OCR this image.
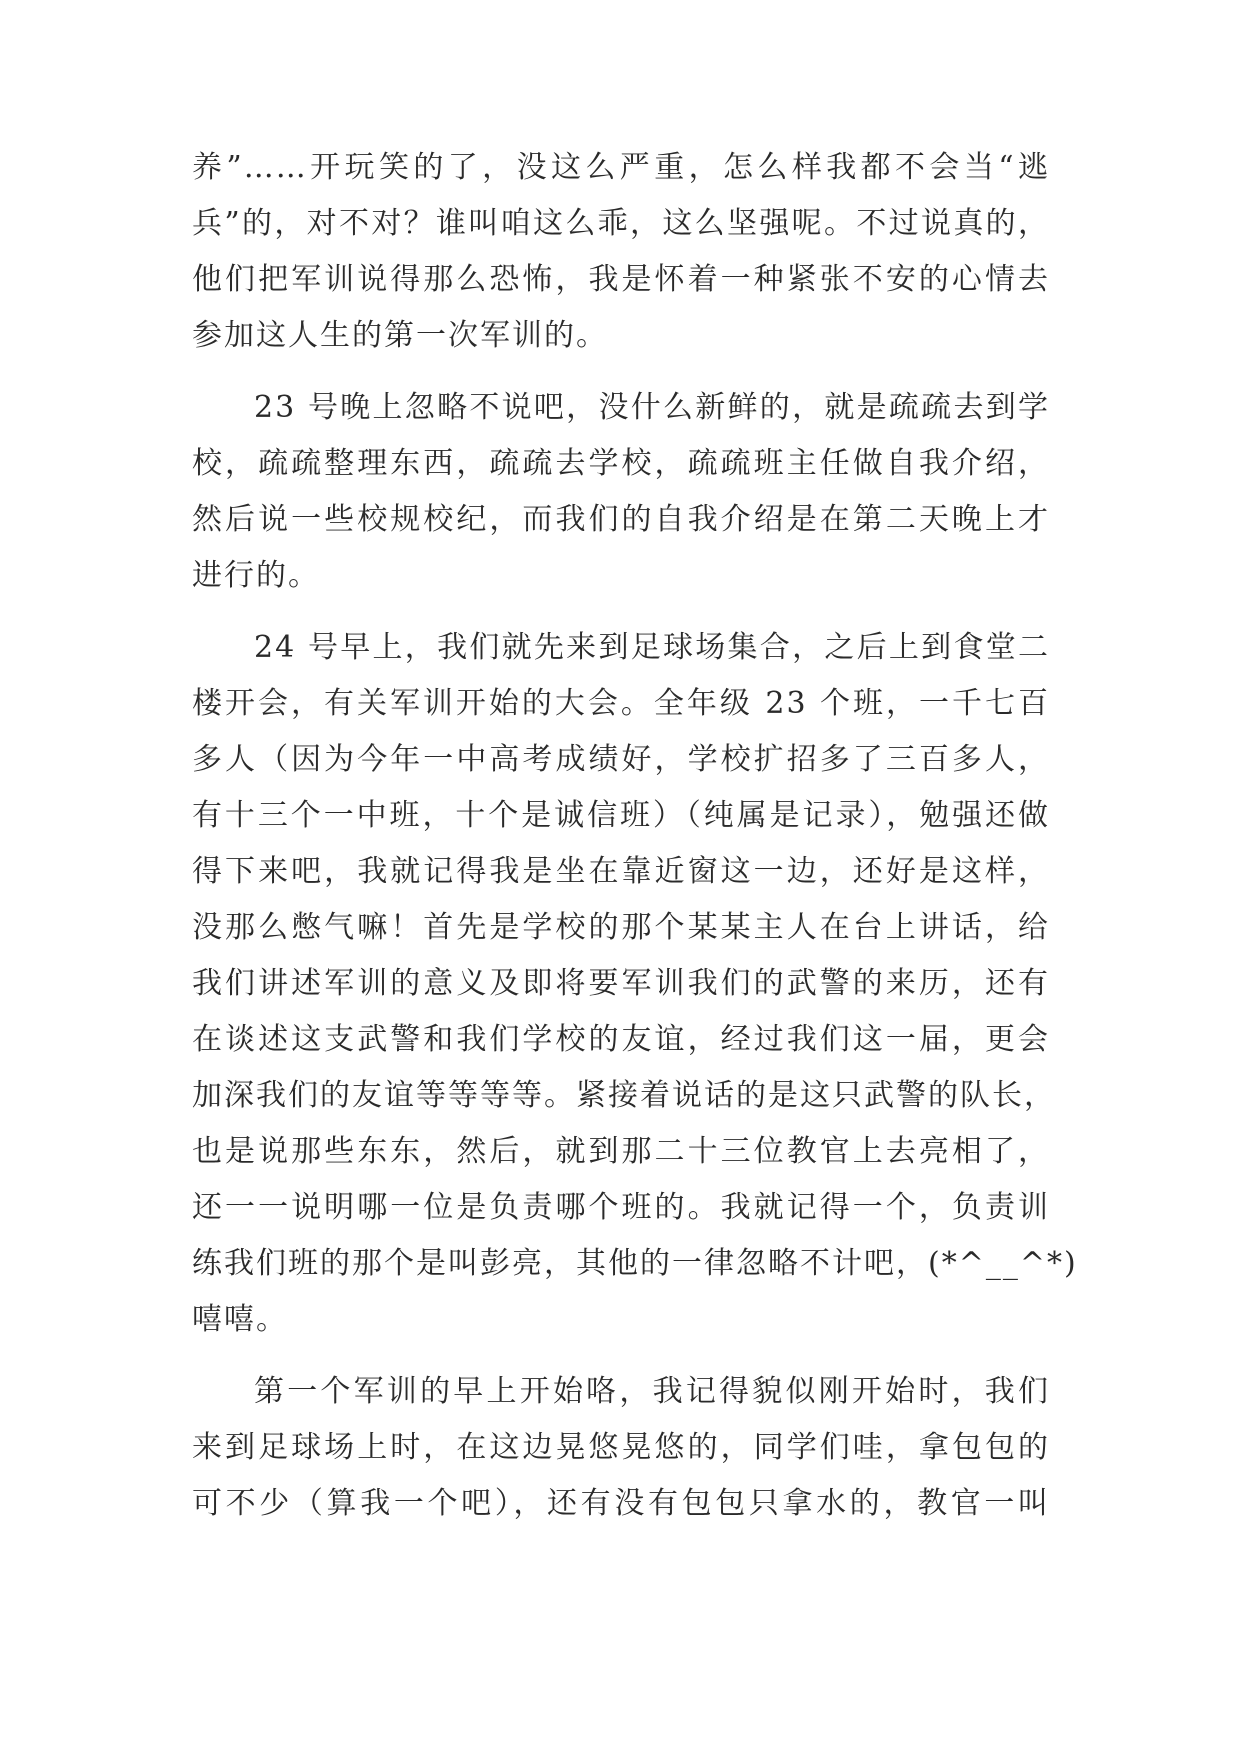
养”……开玩笑的了，没这么严重，怎么样我都不会当“逃
兵”的，对不对？谁叫咱这么乖，这么坚强呢。不过说真的，
他们把军训说得那么恐怖，我是怀着一种紧张不安的心情去
参加这人生的第一次军训的。
23 号晚上忽略不说吧，没什么新鲜的，就是疏疏去到学
校，疏疏整理东西，疏疏去学校，疏疏班主任做自我介绍，
然后说一些校规校纪，而我们的自我介绍是在第二天晚上才
进行的。
24 号早上，我们就先来到足球场集合，之后上到食堂二
楼开会，有关军训开始的大会。全年级 23 个班，一千七百
多人（因为今年一中高考成绩好，学校扩招多了三百多人，
有十三个一中班，十个是诚信班）（纯属是记录），勉强还做
得下来吧，我就记得我是坐在靠近窗这一边，还好是这样，
没那么憋气嘛！首先是学校的那个某某主人在台上讲话，给
我们讲述军训的意义及即将要军训我们的武警的来历，还有
在谈述这支武警和我们学校的友谊，经过我们这一届，更会
加深我们的友谊等等等等。紧接着说话的是这只武警的队长，
也是说那些东东，然后，就到那二十三位教官上去亮相了，
还一一说明哪一位是负责哪个班的。我就记得一个，负责训
练我们班的那个是叫彭亮，其他的一律忽略不计吧，(*^__^*)
嘻嘻。
第一个军训的早上开始咯，我记得貌似刚开始时，我们
来到足球场上时，在这边晃悠晃悠的，同学们哇，拿包包的
可不少（算我一个吧），还有没有包包只拿水的，教官一叫
